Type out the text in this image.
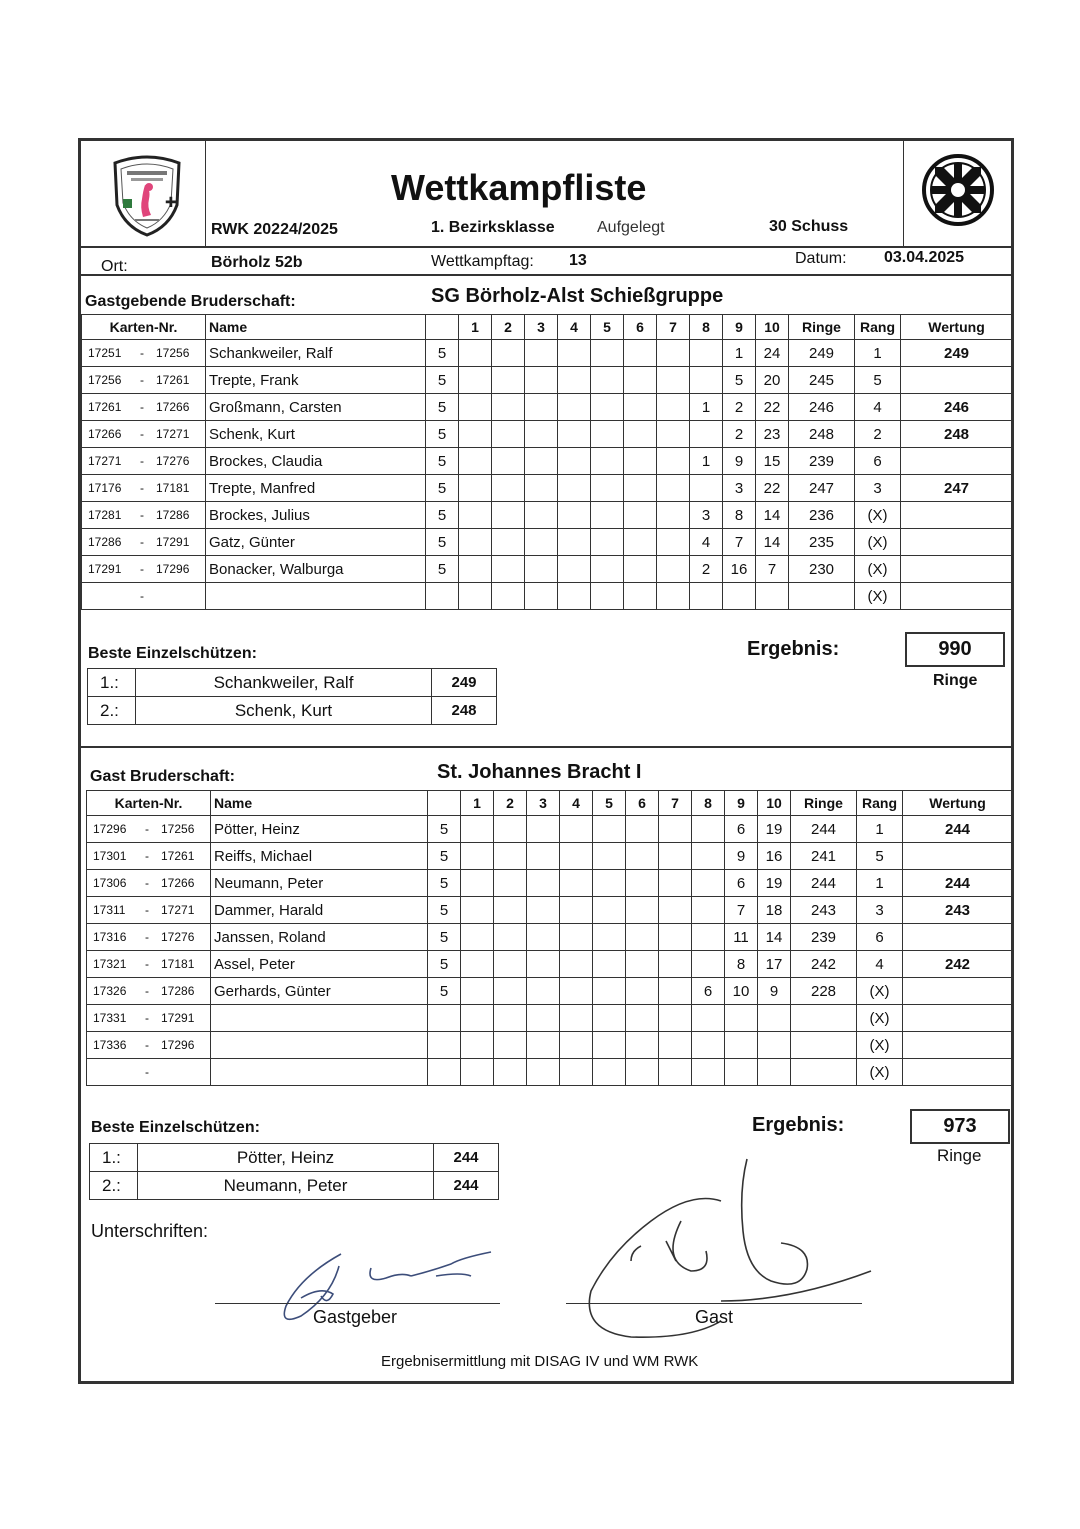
✚	Wettkampfliste
RWK 20224/2025	1. Bezirksklasse	Aufgelegt	30 Schuss
Ort:	Börholz 52b	Wettkampftag: 13	Datum: 03.04.2025
Gastgebende Bruderschaft:	SG Börholz-Alst Schießgruppe
Karten-Nr.	Name		1	2	3	4	5	6	7	8	9	10	Ringe	Rang	Wertung
17251 - 17256	Schankweiler, Ralf	5									1	24	249	1	249
17256 - 17261	Trepte, Frank	5									5	20	245	5	
17261 - 17266	Großmann, Carsten	5								1	2	22	246	4	246
17266 - 17271	Schenk, Kurt	5									2	23	248	2	248
17271 - 17276	Brockes, Claudia	5								1	9	15	239	6	
17176 - 17181	Trepte, Manfred	5									3	22	247	3	247
17281 - 17286	Brockes, Julius	5								3	8	14	236	(X)	
17286 - 17291	Gatz, Günter	5								4	7	14	235	(X)	
17291 - 17296	Bonacker, Walburga	5								2	16	7	230	(X)	
-														(X)	
Beste Einzelschützen:
1.:	Schankweiler, Ralf	249
2.:	Schenk, Kurt	248
Ergebnis:	990
Ringe
Gast Bruderschaft:	St. Johannes Bracht I
Karten-Nr.	Name		1	2	3	4	5	6	7	8	9	10	Ringe	Rang	Wertung
17296 - 17256	Pötter, Heinz	5									6	19	244	1	244
17301 - 17261	Reiffs, Michael	5									9	16	241	5	
17306 - 17266	Neumann, Peter	5									6	19	244	1	244
17311 - 17271	Dammer, Harald	5									7	18	243	3	243
17316 - 17276	Janssen, Roland	5									11	14	239	6	
17321 - 17181	Assel, Peter	5									8	17	242	4	242
17326 - 17286	Gerhards, Günter	5								6	10	9	228	(X)	
17331 - 17291														(X)	
17336 - 17296														(X)	
-														(X)	
Beste Einzelschützen:
1.:	Pötter, Heinz	244
2.:	Neumann, Peter	244
Ergebnis:	973
Ringe
Unterschriften:
Gastgeber	Gast
Ergebnisermittlung mit DISAG IV und WM RWK
